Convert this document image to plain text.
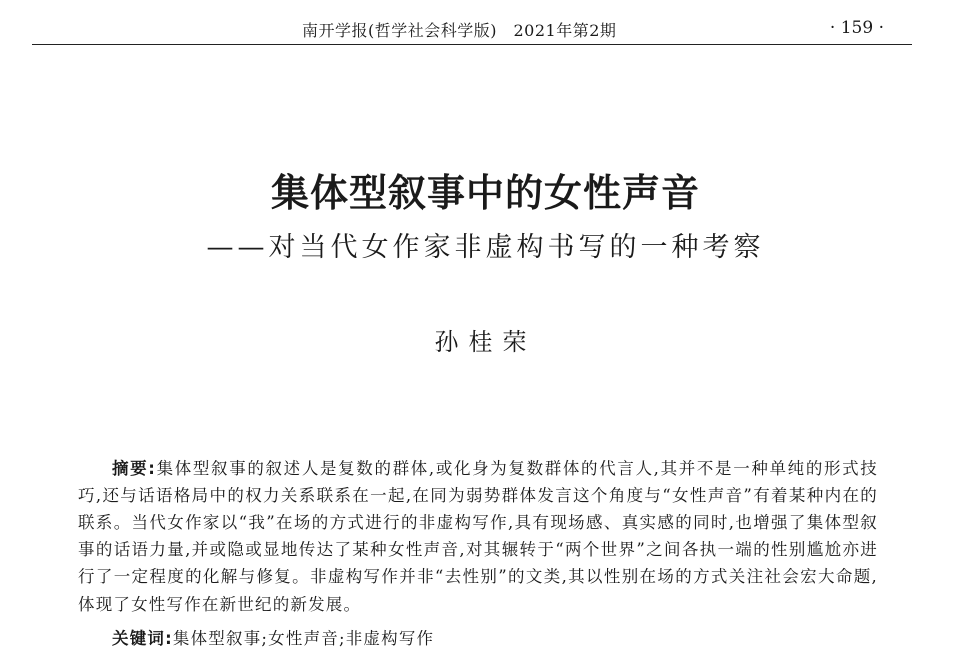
南开学报(哲学社会科学版)　2021年第2期	· 159 ·
集体型叙事中的女性声音
——对当代女作家非虚构书写的一种考察
孙桂荣

摘要:集体型叙事的叙述人是复数的群体,或化身为复数群体的代言人,其并不是一种单纯的形式技巧,还与话语格局中的权力关系联系在一起,在同为弱势群体发言这个角度与“女性声音”有着某种内在的联系。当代女作家以“我”在场的方式进行的非虚构写作,具有现场感、真实感的同时,也增强了集体型叙事的话语力量,并或隐或显地传达了某种女性声音,对其辗转于“两个世界”之间各执一端的性别尴尬亦进行了一定程度的化解与修复。非虚构写作并非“去性别”的文类,其以性别在场的方式关注社会宏大命题,体现了女性写作在新世纪的新发展。

关键词:集体型叙事;女性声音;非虚构写作
